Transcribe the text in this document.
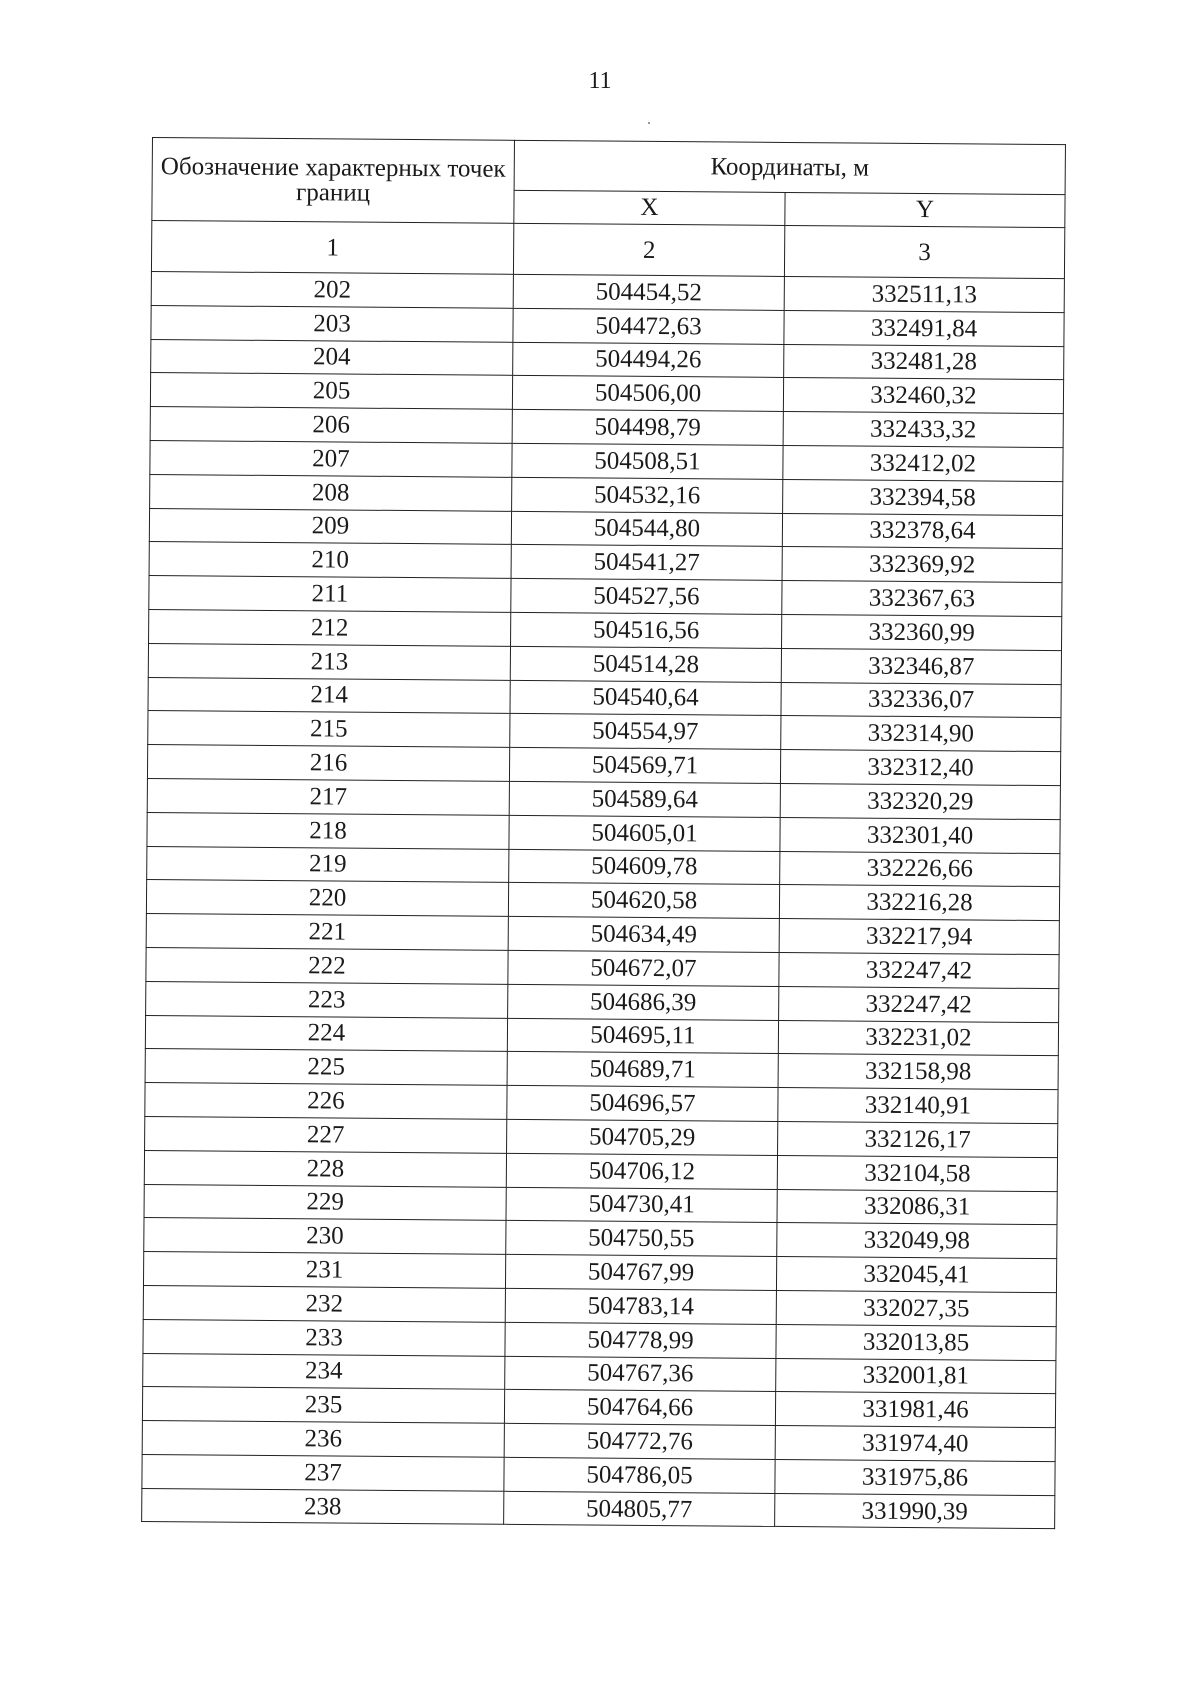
11
Обозначение характерных точек границ	Координаты, м	
	X	Y
1	2	3
202	504454,52	332511,13
203	504472,63	332491,84
204	504494,26	332481,28
205	504506,00	332460,32
206	504498,79	332433,32
207	504508,51	332412,02
208	504532,16	332394,58
209	504544,80	332378,64
210	504541,27	332369,92
211	504527,56	332367,63
212	504516,56	332360,99
213	504514,28	332346,87
214	504540,64	332336,07
215	504554,97	332314,90
216	504569,71	332312,40
217	504589,64	332320,29
218	504605,01	332301,40
219	504609,78	332226,66
220	504620,58	332216,28
221	504634,49	332217,94
222	504672,07	332247,42
223	504686,39	332247,42
224	504695,11	332231,02
225	504689,71	332158,98
226	504696,57	332140,91
227	504705,29	332126,17
228	504706,12	332104,58
229	504730,41	332086,31
230	504750,55	332049,98
231	504767,99	332045,41
232	504783,14	332027,35
233	504778,99	332013,85
234	504767,36	332001,81
235	504764,66	331981,46
236	504772,76	331974,40
237	504786,05	331975,86
238	504805,77	331990,39
